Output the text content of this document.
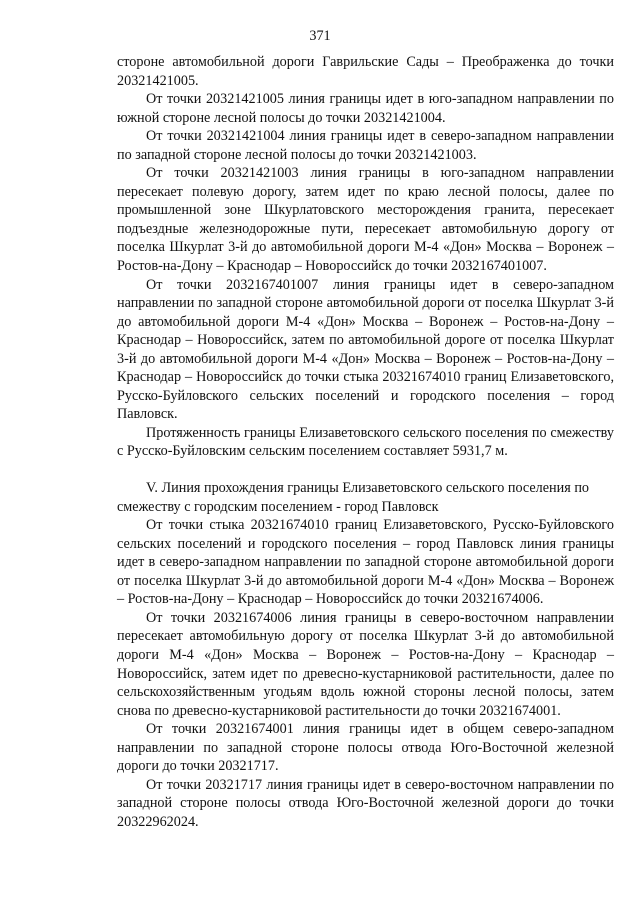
371

стороне автомобильной дороги Гаврильские Сады – Преображенка до точки 20321421005.

От точки 20321421005 линия границы идет в юго-западном направлении по южной стороне лесной полосы до точки 20321421004.

От точки 20321421004 линия границы идет в северо-западном направлении по западной стороне лесной полосы до точки 20321421003.

От точки 20321421003 линия границы в юго-западном направлении пересекает полевую дорогу, затем идет по краю лесной полосы, далее по промышленной зоне Шкурлатовского месторождения гранита, пересекает подъездные железнодорожные пути, пересекает автомобильную дорогу от поселка Шкурлат 3-й до автомобильной дороги М-4 «Дон» Москва – Воронеж – Ростов-на-Дону – Краснодар – Новороссийск до точки 2032167401007.

От точки 2032167401007 линия границы идет в северо-западном направлении по западной стороне автомобильной дороги от поселка Шкурлат 3-й до автомобильной дороги М-4 «Дон» Москва – Воронеж – Ростов-на-Дону – Краснодар – Новороссийск, затем по автомобильной дороге от поселка Шкурлат 3-й до автомобильной дороги М-4 «Дон» Москва – Воронеж – Ростов-на-Дону – Краснодар – Новороссийск до точки стыка 20321674010 границ Елизаветовского, Русско-Буйловского сельских поселений и городского поселения – город Павловск.

Протяженность границы Елизаветовского сельского поселения по смежеству с Русско-Буйловским сельским поселением составляет 5931,7 м.

V. Линия прохождения границы Елизаветовского сельского поселения по смежеству с городским поселением - город Павловск

От точки стыка 20321674010 границ Елизаветовского, Русско-Буйловского сельских поселений и городского поселения – город Павловск линия границы идет в северо-западном направлении по западной стороне автомобильной дороги от поселка Шкурлат 3-й до автомобильной дороги М-4 «Дон» Москва – Воронеж – Ростов-на-Дону – Краснодар – Новороссийск до точки 20321674006.

От точки 20321674006 линия границы в северо-восточном направлении пересекает автомобильную дорогу от поселка Шкурлат 3-й до автомобильной дороги М-4 «Дон» Москва – Воронеж – Ростов-на-Дону – Краснодар – Новороссийск, затем идет по древесно-кустарниковой растительности, далее по сельскохозяйственным угодьям вдоль южной стороны лесной полосы, затем снова по древесно-кустарниковой растительности до точки 20321674001.

От точки 20321674001 линия границы идет в общем северо-западном направлении по западной стороне полосы отвода Юго-Восточной железной дороги до точки 20321717.

От точки 20321717 линия границы идет в северо-восточном направлении по западной стороне полосы отвода Юго-Восточной железной дороги до точки 20322962024.
